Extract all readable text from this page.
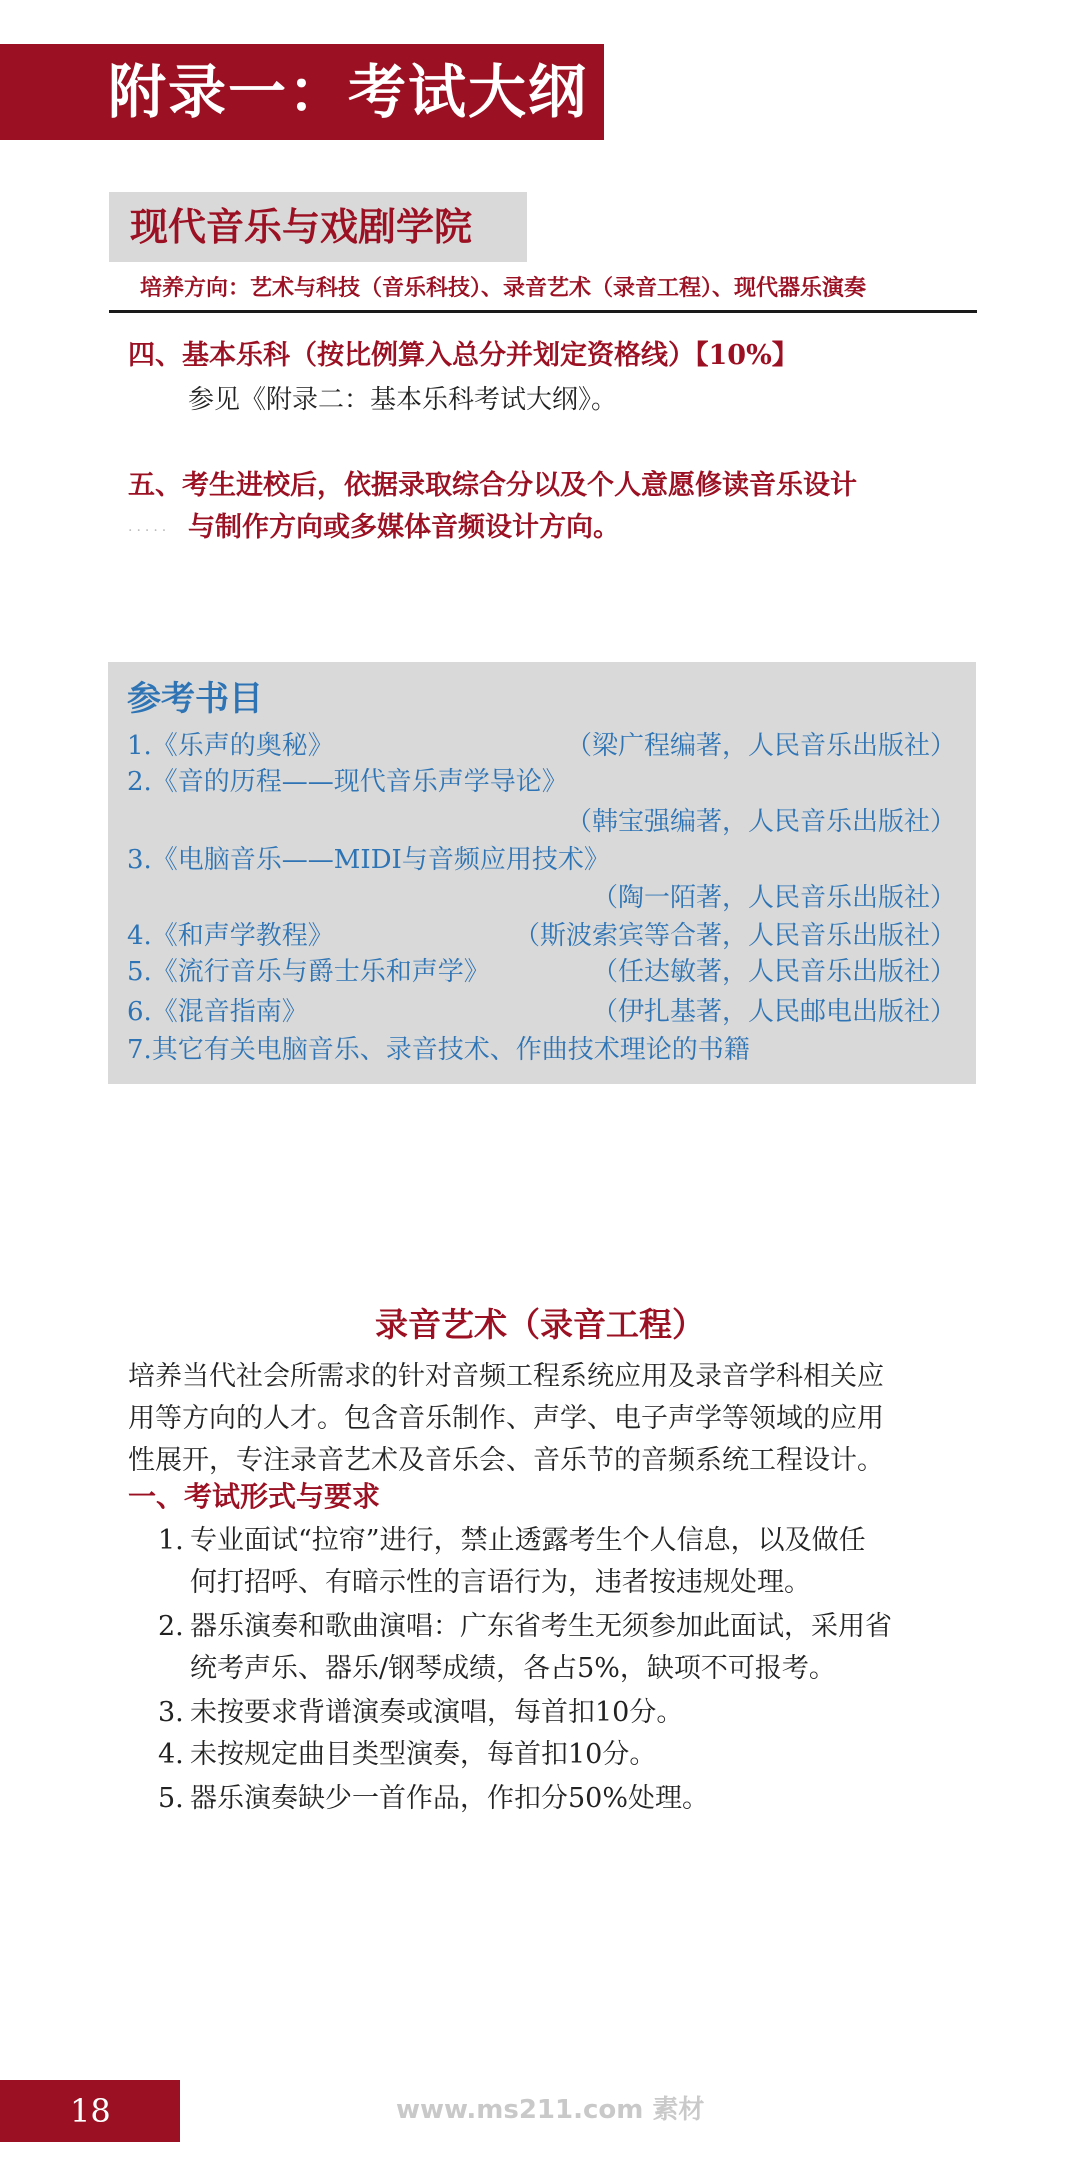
附录一：考试大纲
现代音乐与戏剧学院
培养方向：艺术与科技（音乐科技）、录音艺术（录音工程）、现代器乐演奏
四、基本乐科（按比例算入总分并划定资格线）【10%】
参见《附录二：基本乐科考试大纲》。
五、考生进校后，依据录取综合分以及个人意愿修读音乐设计
..... 与制作方向或多媒体音频设计方向。
参考书目
1.《乐声的奥秘》	（梁广程编著，人民音乐出版社）
2.《音的历程——现代音乐声学导论》
（韩宝强编著，人民音乐出版社）
3.《电脑音乐——MIDI与音频应用技术》
（陶一陌著，人民音乐出版社）
4.《和声学教程》	（斯波索宾等合著，人民音乐出版社）
5.《流行音乐与爵士乐和声学》	（任达敏著，人民音乐出版社）
6.《混音指南》	（伊扎基著，人民邮电出版社）
7.其它有关电脑音乐、录音技术、作曲技术理论的书籍
录音艺术（录音工程）
培养当代社会所需求的针对音频工程系统应用及录音学科相关应
用等方向的人才。包含音乐制作、声学、电子声学等领域的应用
性展开，专注录音艺术及音乐会、音乐节的音频系统工程设计。
一、考试形式与要求
1. 专业面试“拉帘”进行，禁止透露考生个人信息，以及做任
何打招呼、有暗示性的言语行为，违者按违规处理。
2. 器乐演奏和歌曲演唱：广东省考生无须参加此面试，采用省
统考声乐、器乐/钢琴成绩，各占5%，缺项不可报考。
3. 未按要求背谱演奏或演唱，每首扣10分。
4. 未按规定曲目类型演奏，每首扣10分。
5. 器乐演奏缺少一首作品，作扣分50%处理。
18	www.ms211.com 素材
